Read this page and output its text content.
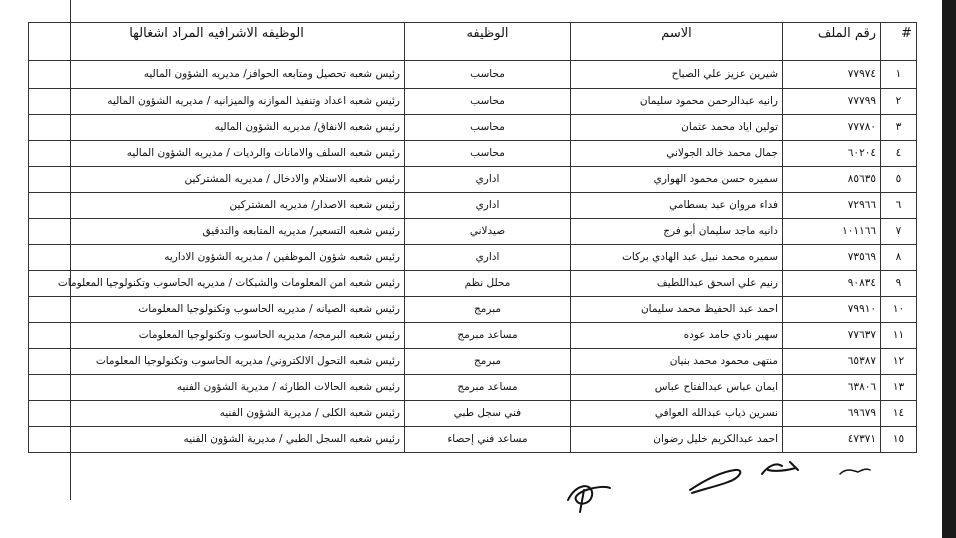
#	رقم الملف	الاسم	الوظيفه	الوظيفه الاشرافيه المراد اشغالها
١	٧٧٩٧٤	شيرين عزيز علي الصباح	محاسب	رئيس شعبه تحصيل ومتابعه الحوافز/ مديريه الشؤون الماليه
٢	٧٧٧٩٩	رانيه عبدالرحمن محمود سليمان	محاسب	رئيس شعبه اعداد وتنفيذ الموازنه والميزانيه / مديريه الشؤون الماليه
٣	٧٧٧٨٠	تولين اياد محمد عثمان	محاسب	رئيس شعبه الانفاق/ مديريه الشؤون الماليه
٤	٦٠٢٠٤	جمال محمد خالد الجولاني	محاسب	رئيس شعبه السلف والامانات والرديات / مديريه الشؤون الماليه
٥	٨٥٦٣٥	سميره حسن محمود الهواري	اداري	رئيس شعبه الاستلام والادخال / مديريه المشتركين
٦	٧٢٩٦٦	فداء مروان عبد بسطامي	اداري	رئيس شعبه الاصدار/ مديريه المشتركين
٧	١٠١١٦٦	دانيه ماجد سليمان أبو فرج	صيدلاني	رئيس شعبه التسعير/ مديريه المتابعه والتدقيق
٨	٧٣٥٦٩	سميره محمد نبيل عبد الهادي بركات	اداري	رئيس شعبه شؤون الموظفين / مديريه الشؤون الاداريه
٩	٩٠٨٣٤	رنيم علي اسحق عبداللطيف	محلل نظم	رئيس شعبه امن المعلومات والشبكات / مديريه الحاسوب وتكنولوجيا المعلومات
١٠	٧٩٩١٠	احمد عبد الحفيظ محمد سليمان	مبرمج	رئيس شعبه الصيانه / مديريه الحاسوب وتكنولوجيا المعلومات
١١	٧٧٦٣٧	سهير نادي حامد عوده	مساعد مبرمج	رئيس شعبه البرمجه/ مديريه الحاسوب وتكنولوجيا المعلومات
١٢	٦٥٣٨٧	منتهى محمود محمد بنيان	مبرمج	رئيس شعبه التحول الالكتروني/ مديريه الحاسوب وتكنولوجيا المعلومات
١٣	٦٣٨٠٦	ايمان عباس عبدالفتاح عباس	مساعد مبرمج	رئيس شعبه الحالات الطارئه / مديرية الشؤون الفنيه
١٤	٦٩٦٧٩	نسرين ذياب عبدالله العوافي	فني سجل طبي	رئيس شعبه الكلى / مديرية الشؤون الفنيه
١٥	٤٧٣٧١	احمد عبدالكريم خليل رضوان	مساعد فني إحصاء	رئيس شعبه السجل الطبي / مديرية الشؤون الفنيه
